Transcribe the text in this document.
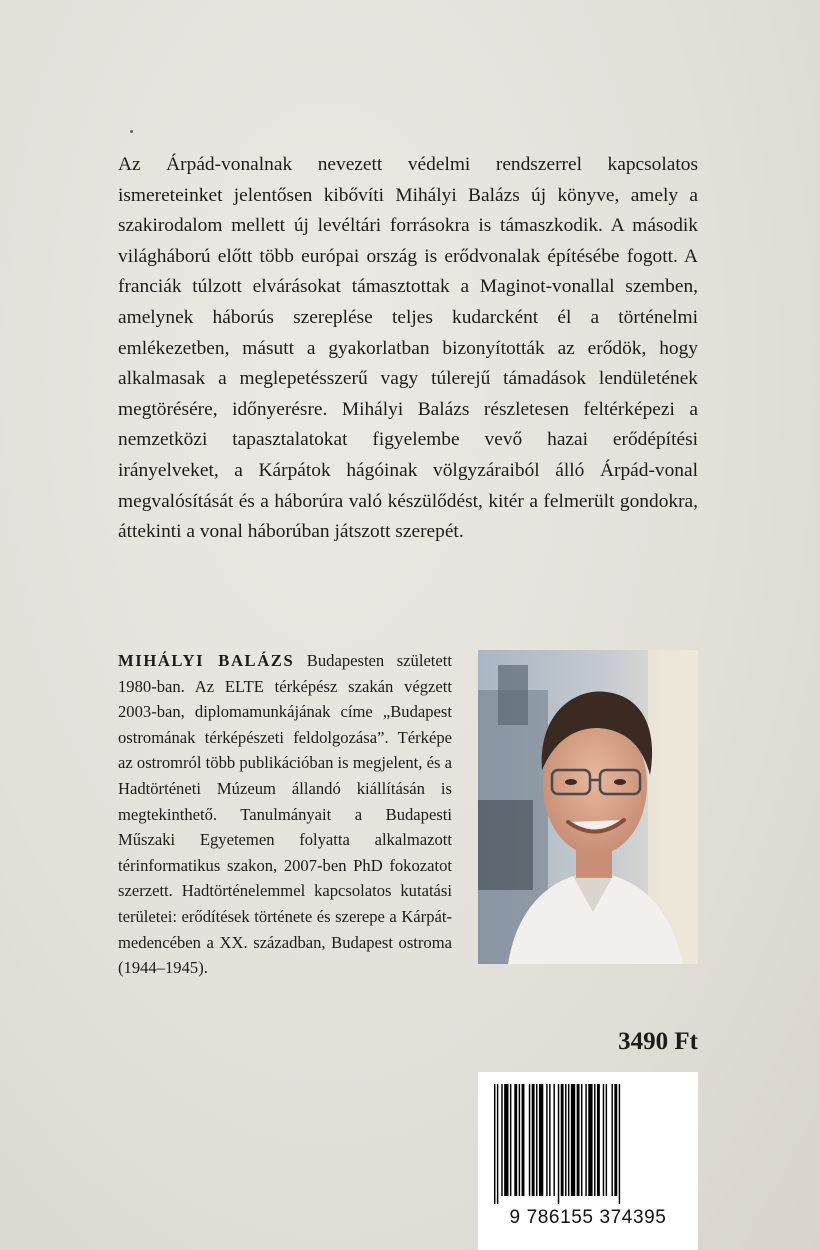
Az Árpád-vonalnak nevezett védelmi rendszerrel kapcsolatos ismereteinket jelentősen kibővíti Mihályi Balázs új könyve, amely a szakirodalom mellett új levéltári forrásokra is támaszkodik. A második világháború előtt több európai ország is erődvonalak építésébe fogott. A franciák túlzott elvárásokat támasztottak a Maginot-vonallal szemben, amelynek háborús szereplése teljes kudarcként él a történelmi emlékezetben, másutt a gyakorlatban bizonyították az erődök, hogy alkalmasak a meglepetésszerű vagy túlerejű támadások lendületének megtörésére, időnyerésre. Mihályi Balázs részletesen feltérképezi a nemzetközi tapasztalatokat figyelembe vevő hazai erődépítési irányelveket, a Kárpátok hágóinak völgyzáraiból álló Árpád-vonal megvalósítását és a háborúra való készülődést, kitér a felmerült gondokra, áttekinti a vonal háborúban játszott szerepét.

MIHÁLYI BALÁZS Budapesten született 1980-ban. Az ELTE térképész szakán végzett 2003-ban, diplomamunkájának címe „Budapest ostromának térképészeti feldolgozása”. Térképe az ostromról több publikációban is megjelent, és a Hadtörténeti Múzeum állandó kiállításán is megtekinthető. Tanulmányait a Budapesti Műszaki Egyetemen folyatta alkalmazott térinformatikus szakon, 2007-ben PhD fokozatot szerzett. Hadtörténelemmel kapcsolatos kutatási területei: erődítések története és szerepe a Kárpát-medencében a XX. században, Budapest ostroma (1944–1945).

3490 Ft
9 786155 374395
